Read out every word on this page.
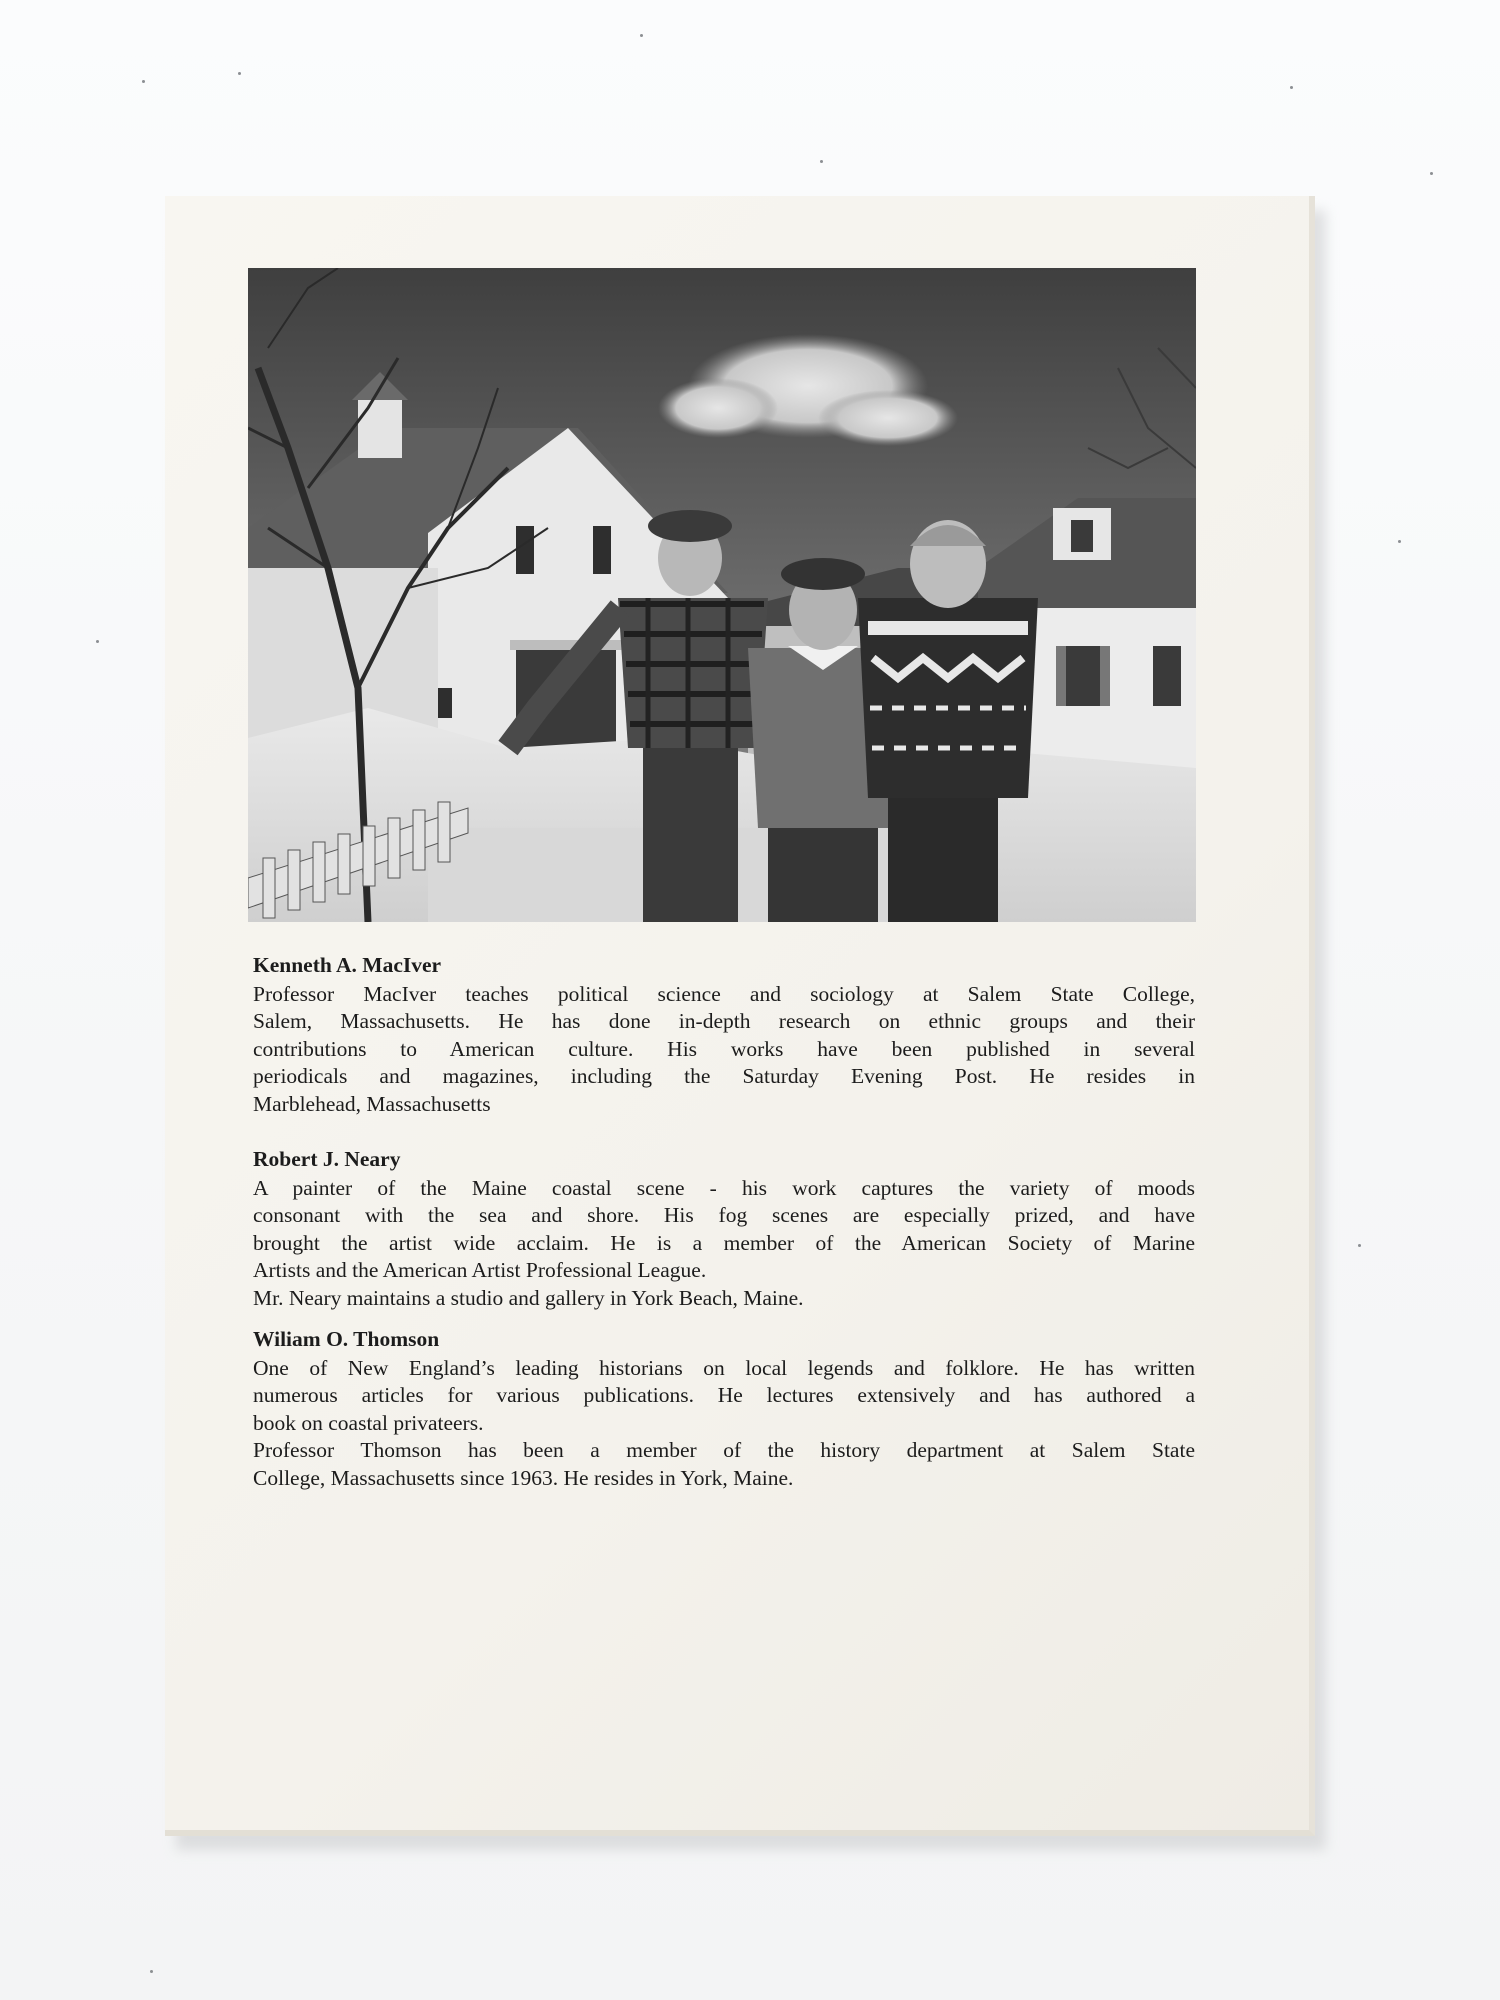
Kenneth A. MacIver
Professor MacIver teaches political science and sociology at Salem State College,
Salem, Massachusetts. He has done in-depth research on ethnic groups and their
contributions to American culture. His works have been published in several
periodicals and magazines, including the Saturday Evening Post. He resides in
Marblehead, Massachusetts
Robert J. Neary
A painter of the Maine coastal scene - his work captures the variety of moods
consonant with the sea and shore. His fog scenes are especially prized, and have
brought the artist wide acclaim. He is a member of the American Society of Marine
Artists and the American Artist Professional League.
Mr. Neary maintains a studio and gallery in York Beach, Maine.
Wiliam O. Thomson
One of New England’s leading historians on local legends and folklore. He has written
numerous articles for various publications. He lectures extensively and has authored a
book on coastal privateers.
Professor Thomson has been a member of the history department at Salem State
College, Massachusetts since 1963. He resides in York, Maine.
